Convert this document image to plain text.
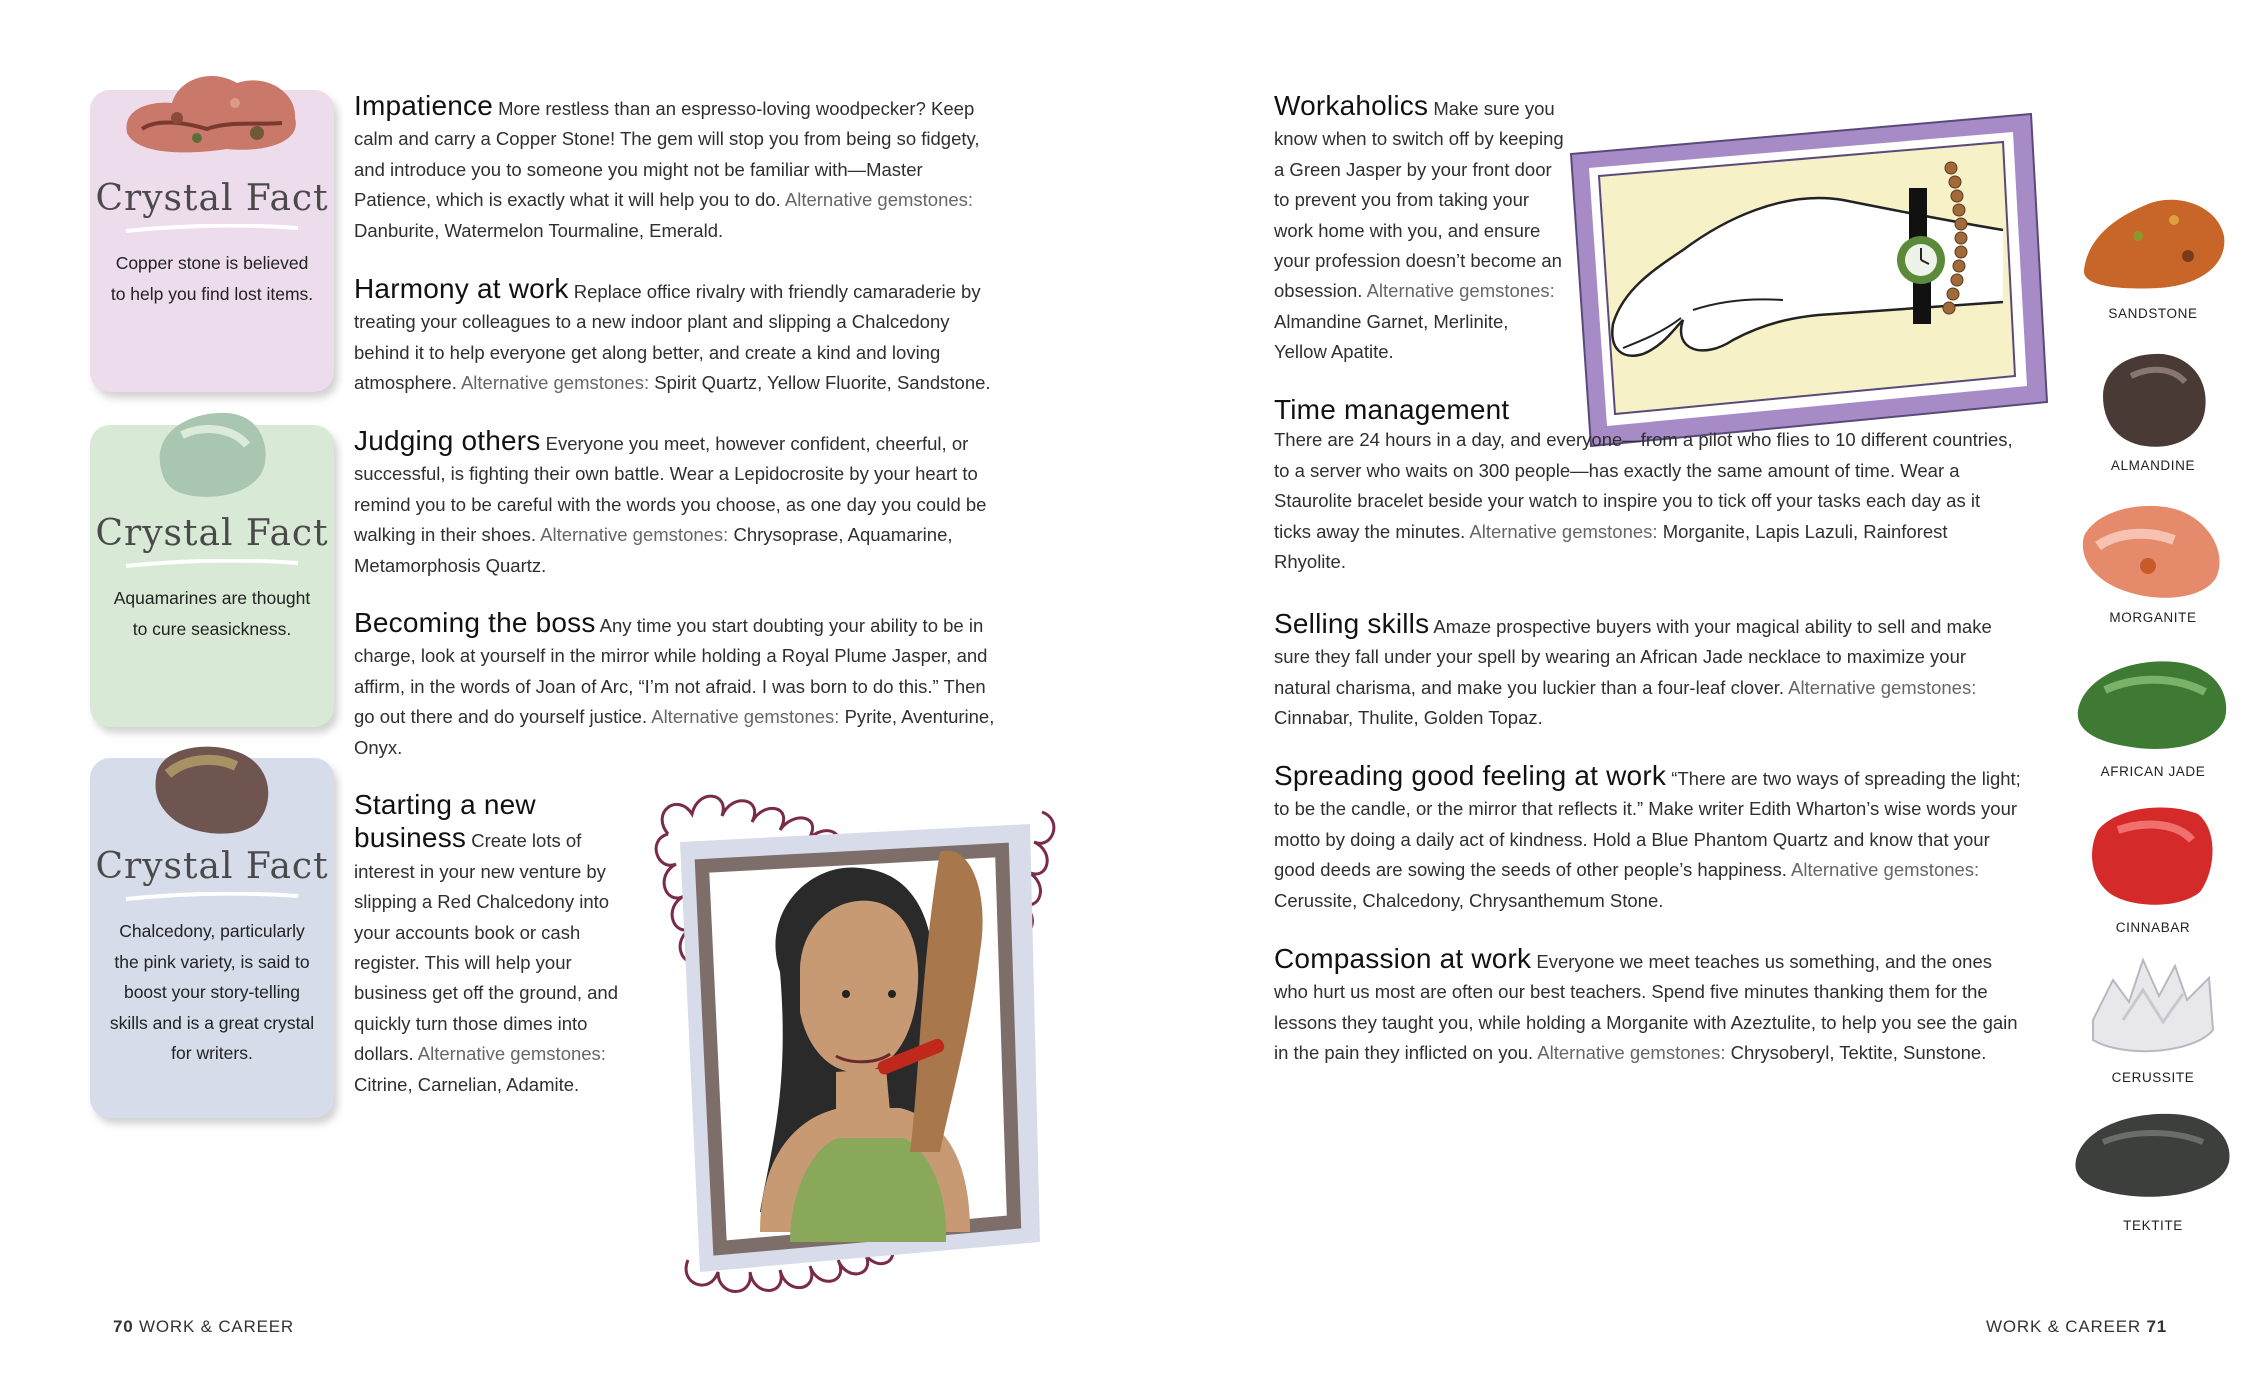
Crystal Fact
Copper stone is believed to help you find lost items.
Crystal Fact
Aquamarines are thought to cure seasickness.
Crystal Fact
Chalcedony, particularly the pink variety, is said to boost your story-telling skills and is a great crystal for writers.
Impatience More restless than an espresso-loving woodpecker? Keep calm and carry a Copper Stone! The gem will stop you from being so fidgety, and introduce you to someone you might not be familiar with—Master Patience, which is exactly what it will help you to do. Alternative gemstones: Danburite, Watermelon Tourmaline, Emerald.
Harmony at work Replace office rivalry with friendly camaraderie by treating your colleagues to a new indoor plant and slipping a Chalcedony behind it to help everyone get along better, and create a kind and loving atmosphere. Alternative gemstones: Spirit Quartz, Yellow Fluorite, Sandstone.
Judging others Everyone you meet, however confident, cheerful, or successful, is fighting their own battle. Wear a Lepidocrosite by your heart to remind you to be careful with the words you choose, as one day you could be walking in their shoes. Alternative gemstones: Chrysoprase, Aquamarine, Metamorphosis Quartz.
Becoming the boss Any time you start doubting your ability to be in charge, look at yourself in the mirror while holding a Royal Plume Jasper, and affirm, in the words of Joan of Arc, “I’m not afraid. I was born to do this.” Then go out there and do yourself justice. Alternative gemstones: Pyrite, Aventurine, Onyx.
Starting a new business Create lots of interest in your new venture by slipping a Red Chalcedony into your accounts book or cash register. This will help your business get off the ground, and quickly turn those dimes into dollars. Alternative gemstones: Citrine, Carnelian, Adamite.
70 WORK & CAREER
Workaholics Make sure you know when to switch off by keeping a Green Jasper by your front door to prevent you from taking your work home with you, and ensure your profession doesn’t become an obsession. Alternative gemstones: Almandine Garnet, Merlinite, Yellow Apatite.
Time management
There are 24 hours in a day, and everyone—from a pilot who flies to 10 different countries, to a server who waits on 300 people—has exactly the same amount of time. Wear a Staurolite bracelet beside your watch to inspire you to tick off your tasks each day as it ticks away the minutes. Alternative gemstones: Morganite, Lapis Lazuli, Rainforest Rhyolite.
Selling skills Amaze prospective buyers with your magical ability to sell and make sure they fall under your spell by wearing an African Jade necklace to maximize your natural charisma, and make you luckier than a four-leaf clover. Alternative gemstones: Cinnabar, Thulite, Golden Topaz.
Spreading good feeling at work “There are two ways of spreading the light; to be the candle, or the mirror that reflects it.” Make writer Edith Wharton’s wise words your motto by doing a daily act of kindness. Hold a Blue Phantom Quartz and know that your good deeds are sowing the seeds of other people’s happiness. Alternative gemstones: Cerussite, Chalcedony, Chrysanthemum Stone.
Compassion at work Everyone we meet teaches us something, and the ones who hurt us most are often our best teachers. Spend five minutes thanking them for the lessons they taught you, while holding a Morganite with Azeztulite, to help you see the gain in the pain they inflicted on you. Alternative gemstones: Chrysoberyl, Tektite, Sunstone.
WORK & CAREER 71
SANDSTONE
ALMANDINE
MORGANITE
AFRICAN JADE
CINNABAR
CERUSSITE
TEKTITE
